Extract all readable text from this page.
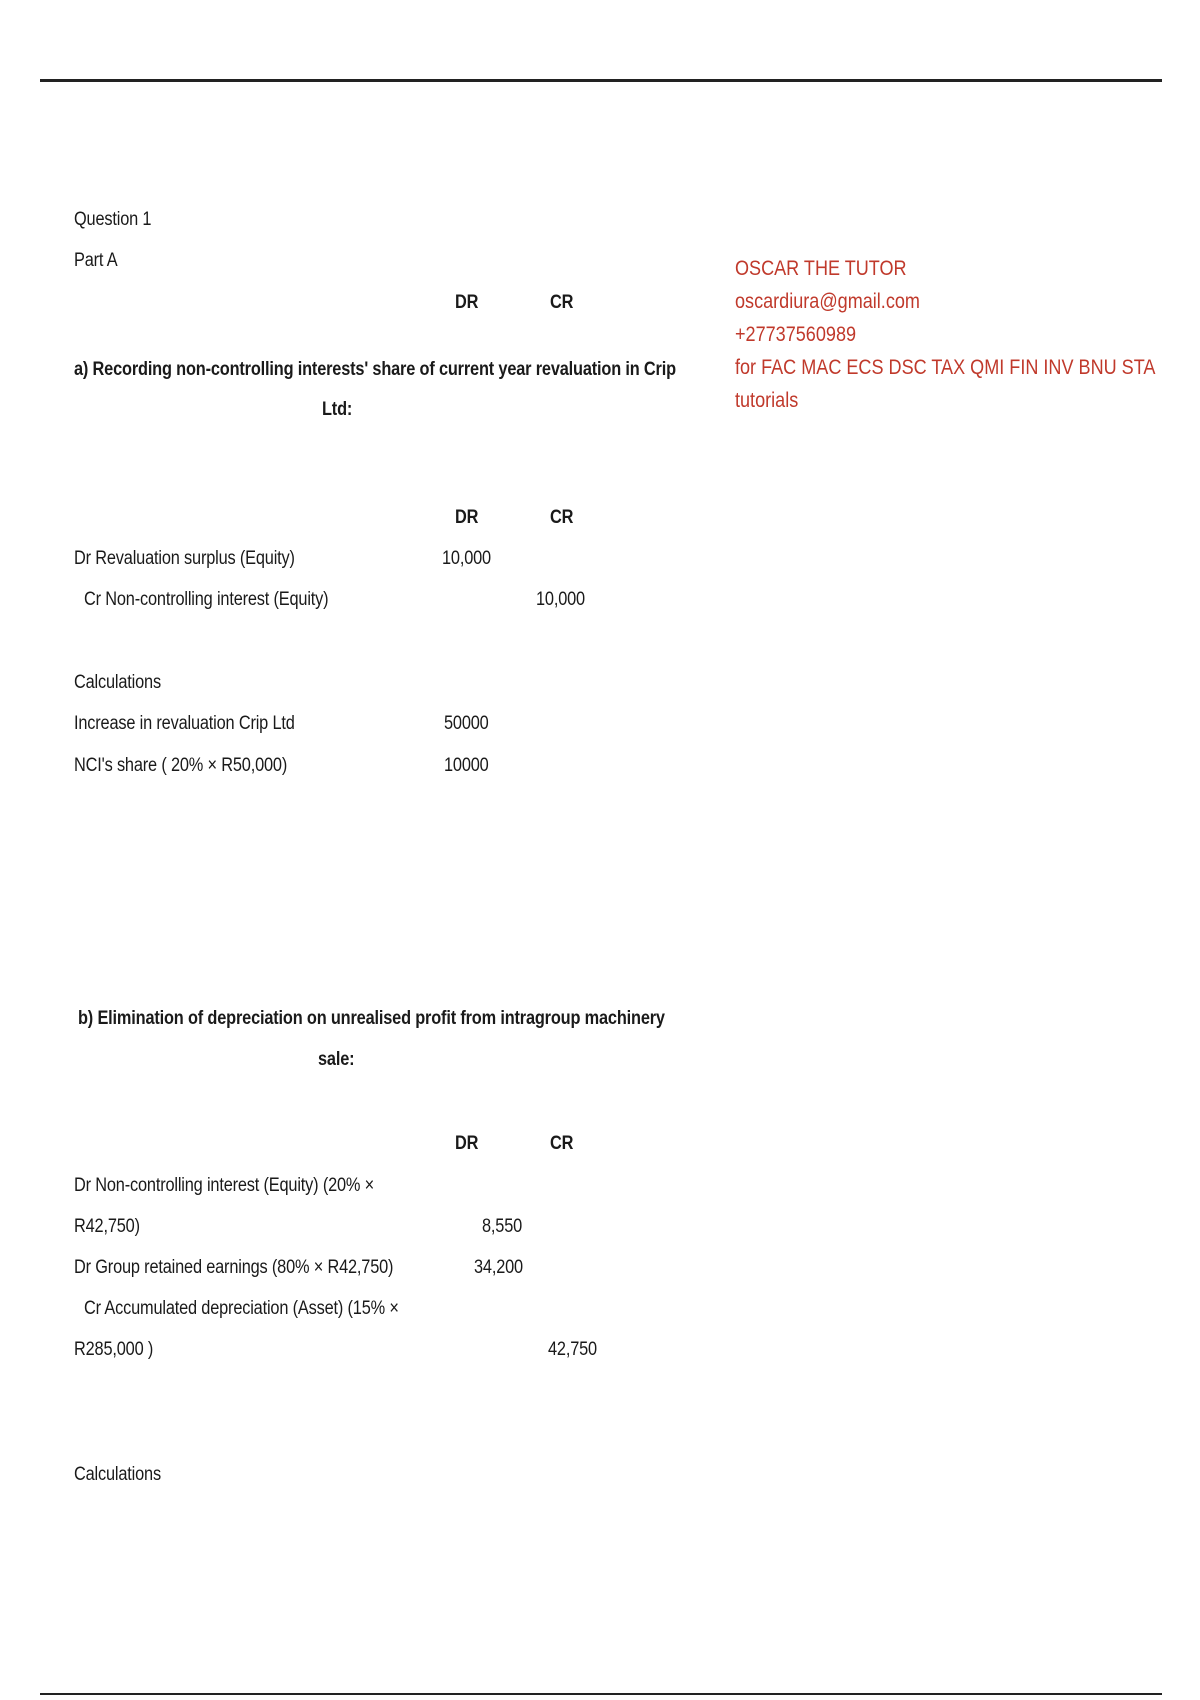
Question 1
Part A
DR	CR
OSCAR THE TUTOR
oscardiura@gmail.com
+27737560989
for FAC MAC ECS DSC TAX QMI FIN INV BNU STA
tutorials
a) Recording non-controlling interests' share of current year revaluation in Crip
Ltd:
DR	CR
Dr Revaluation surplus (Equity)	10,000
Cr Non-controlling interest (Equity)	10,000
Calculations
Increase in revaluation Crip Ltd	50000
NCI's share ( 20% × R50,000)	10000
b) Elimination of depreciation on unrealised profit from intragroup machinery
sale:
DR	CR
Dr Non-controlling interest (Equity) (20% ×
R42,750)	8,550
Dr Group retained earnings (80% × R42,750)	34,200
Cr Accumulated depreciation (Asset) (15% ×
R285,000 )	42,750
Calculations
